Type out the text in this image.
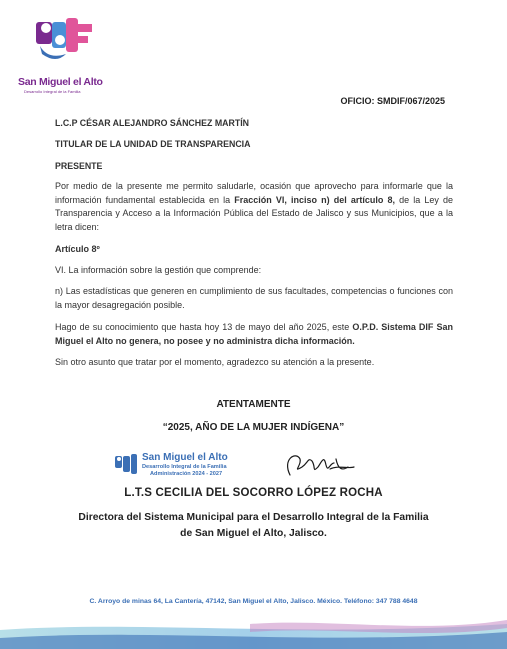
San Miguel el Alto
Desarrollo Integral de la Familia
OFICIO: SMDIF/067/2025
L.C.P CÉSAR ALEJANDRO SÁNCHEZ MARTÍN
TITULAR DE LA UNIDAD DE TRANSPARENCIA
PRESENTE
Por medio de la presente me permito saludarle, ocasión que aprovecho para informarle que la información fundamental establecida en la Fracción VI, inciso n) del artículo 8, de la Ley de Transparencia y Acceso a la Información Pública del Estado de Jalisco y sus Municipios, que a la letra dicen:
Artículo 8º
VI. La información sobre la gestión que comprende:
n) Las estadísticas que generen en cumplimiento de sus facultades, competencias o funciones con la mayor desagregación posible.
Hago de su conocimiento que hasta hoy 13 de mayo del año 2025, este O.P.D. Sistema DIF San Miguel el Alto no genera, no posee y no administra dicha información.
Sin otro asunto que tratar por el momento, agradezco su atención a la presente.
ATENTAMENTE
“2025, AÑO DE LA MUJER INDÍGENA”
San Miguel el Alto
Desarrollo Integral de la Familia
Administración 2024 - 2027
L.T.S CECILIA DEL SOCORRO LÓPEZ ROCHA
Directora del Sistema Municipal para el Desarrollo Integral de la Familia
de San Miguel el Alto, Jalisco.
C. Arroyo de minas 64, La Cantería, 47142, San Miguel el Alto, Jalisco. México. Teléfono: 347 788 4648
